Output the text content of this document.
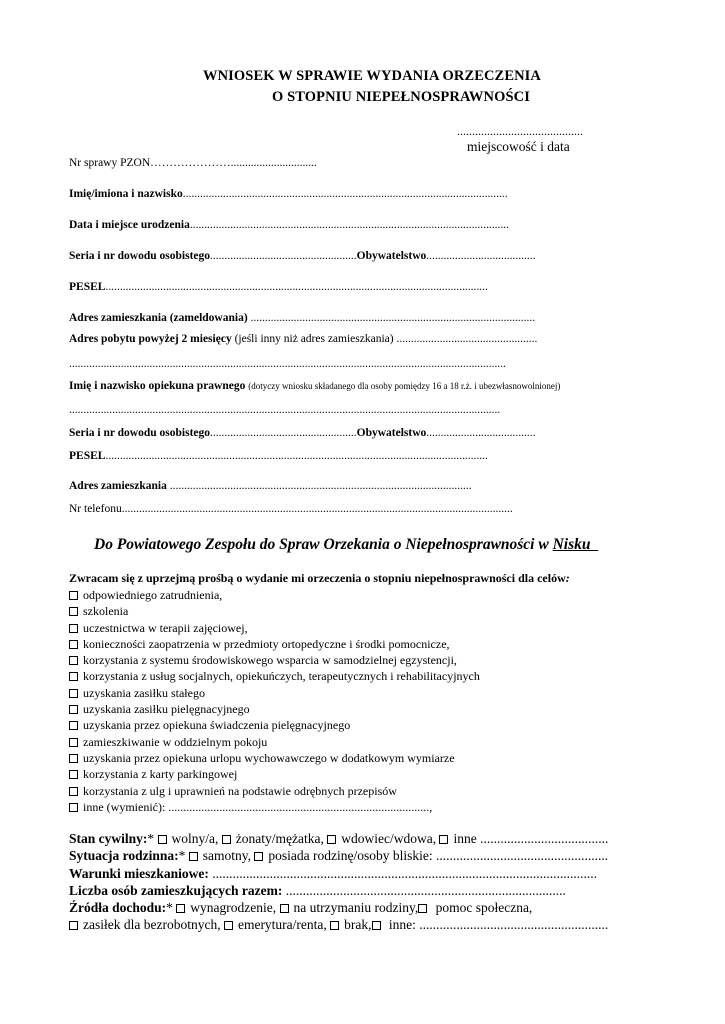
WNIOSEK W SPRAWIE WYDANIA ORZECZENIA
O STOPNIU NIEPEŁNOSPRAWNOŚCI
..........................................
miejscowość i data
Nr sprawy PZON…………………..............................
Imię/imiona i nazwisko.................................................................................................................
Data i miejsce urodzenia...............................................................................................................
Seria i nr dowodu osobistego...................................................Obywatelstwo......................................
PESEL.....................................................................................................................................
Adres zamieszkania (zameldowania) ...................................................................................................
Adres pobytu powyżej 2 miesięcy (jeśli inny niż adres zamieszkania) .................................................
........................................................................................................................................................
Imię i nazwisko opiekuna prawnego (dotyczy wniosku składanego dla osoby pomiędzy 16 a 18 r.ż. i ubezwłasnowolnionej)
......................................................................................................................................................
Seria i nr dowodu osobistego...................................................Obywatelstwo......................................
PESEL.....................................................................................................................................
Adres zamieszkania .........................................................................................................
Nr telefonu........................................................................................................................................
Do Powiatowego Zespołu do Spraw Orzekania o Niepełnosprawności w Nisku
Zwracam się z uprzejmą prośbą o wydanie mi orzeczenia o stopniu niepełnosprawności dla celów:
odpowiedniego zatrudnienia,
szkolenia
uczestnictwa w terapii zajęciowej,
konieczności zaopatrzenia w przedmioty ortopedyczne i środki pomocnicze,
korzystania z systemu środowiskowego wsparcia w samodzielnej egzystencji,
korzystania z usług socjalnych, opiekuńczych, terapeutycznych i rehabilitacyjnych
uzyskania zasiłku stałego
uzyskania zasiłku pielęgnacyjnego
uzyskania przez opiekuna świadczenia pielęgnacyjnego
zamieszkiwanie w oddzielnym pokoju
uzyskania przez opiekuna urlopu wychowawczego w dodatkowym wymiarze
korzystania z karty parkingowej
korzystania z ulg i uprawnień na podstawie odrębnych przepisów
inne (wymienić): .......................................................................................,
Stan cywilny:* wolny/a, żonaty/mężatka, wdowiec/wdowa, inne ......................................
Sytuacja rodzinna:* samotny, posiada rodzinę/osoby bliskie: ...................................................
Warunki mieszkaniowe: ..................................................................................................................
Liczba osób zamieszkujących razem: ...................................................................................
Źródła dochodu:* wynagrodzenie, na utrzymaniu rodziny, pomoc społeczna,
zasiłek dla bezrobotnych, emerytura/renta, brak, inne: ........................................................
